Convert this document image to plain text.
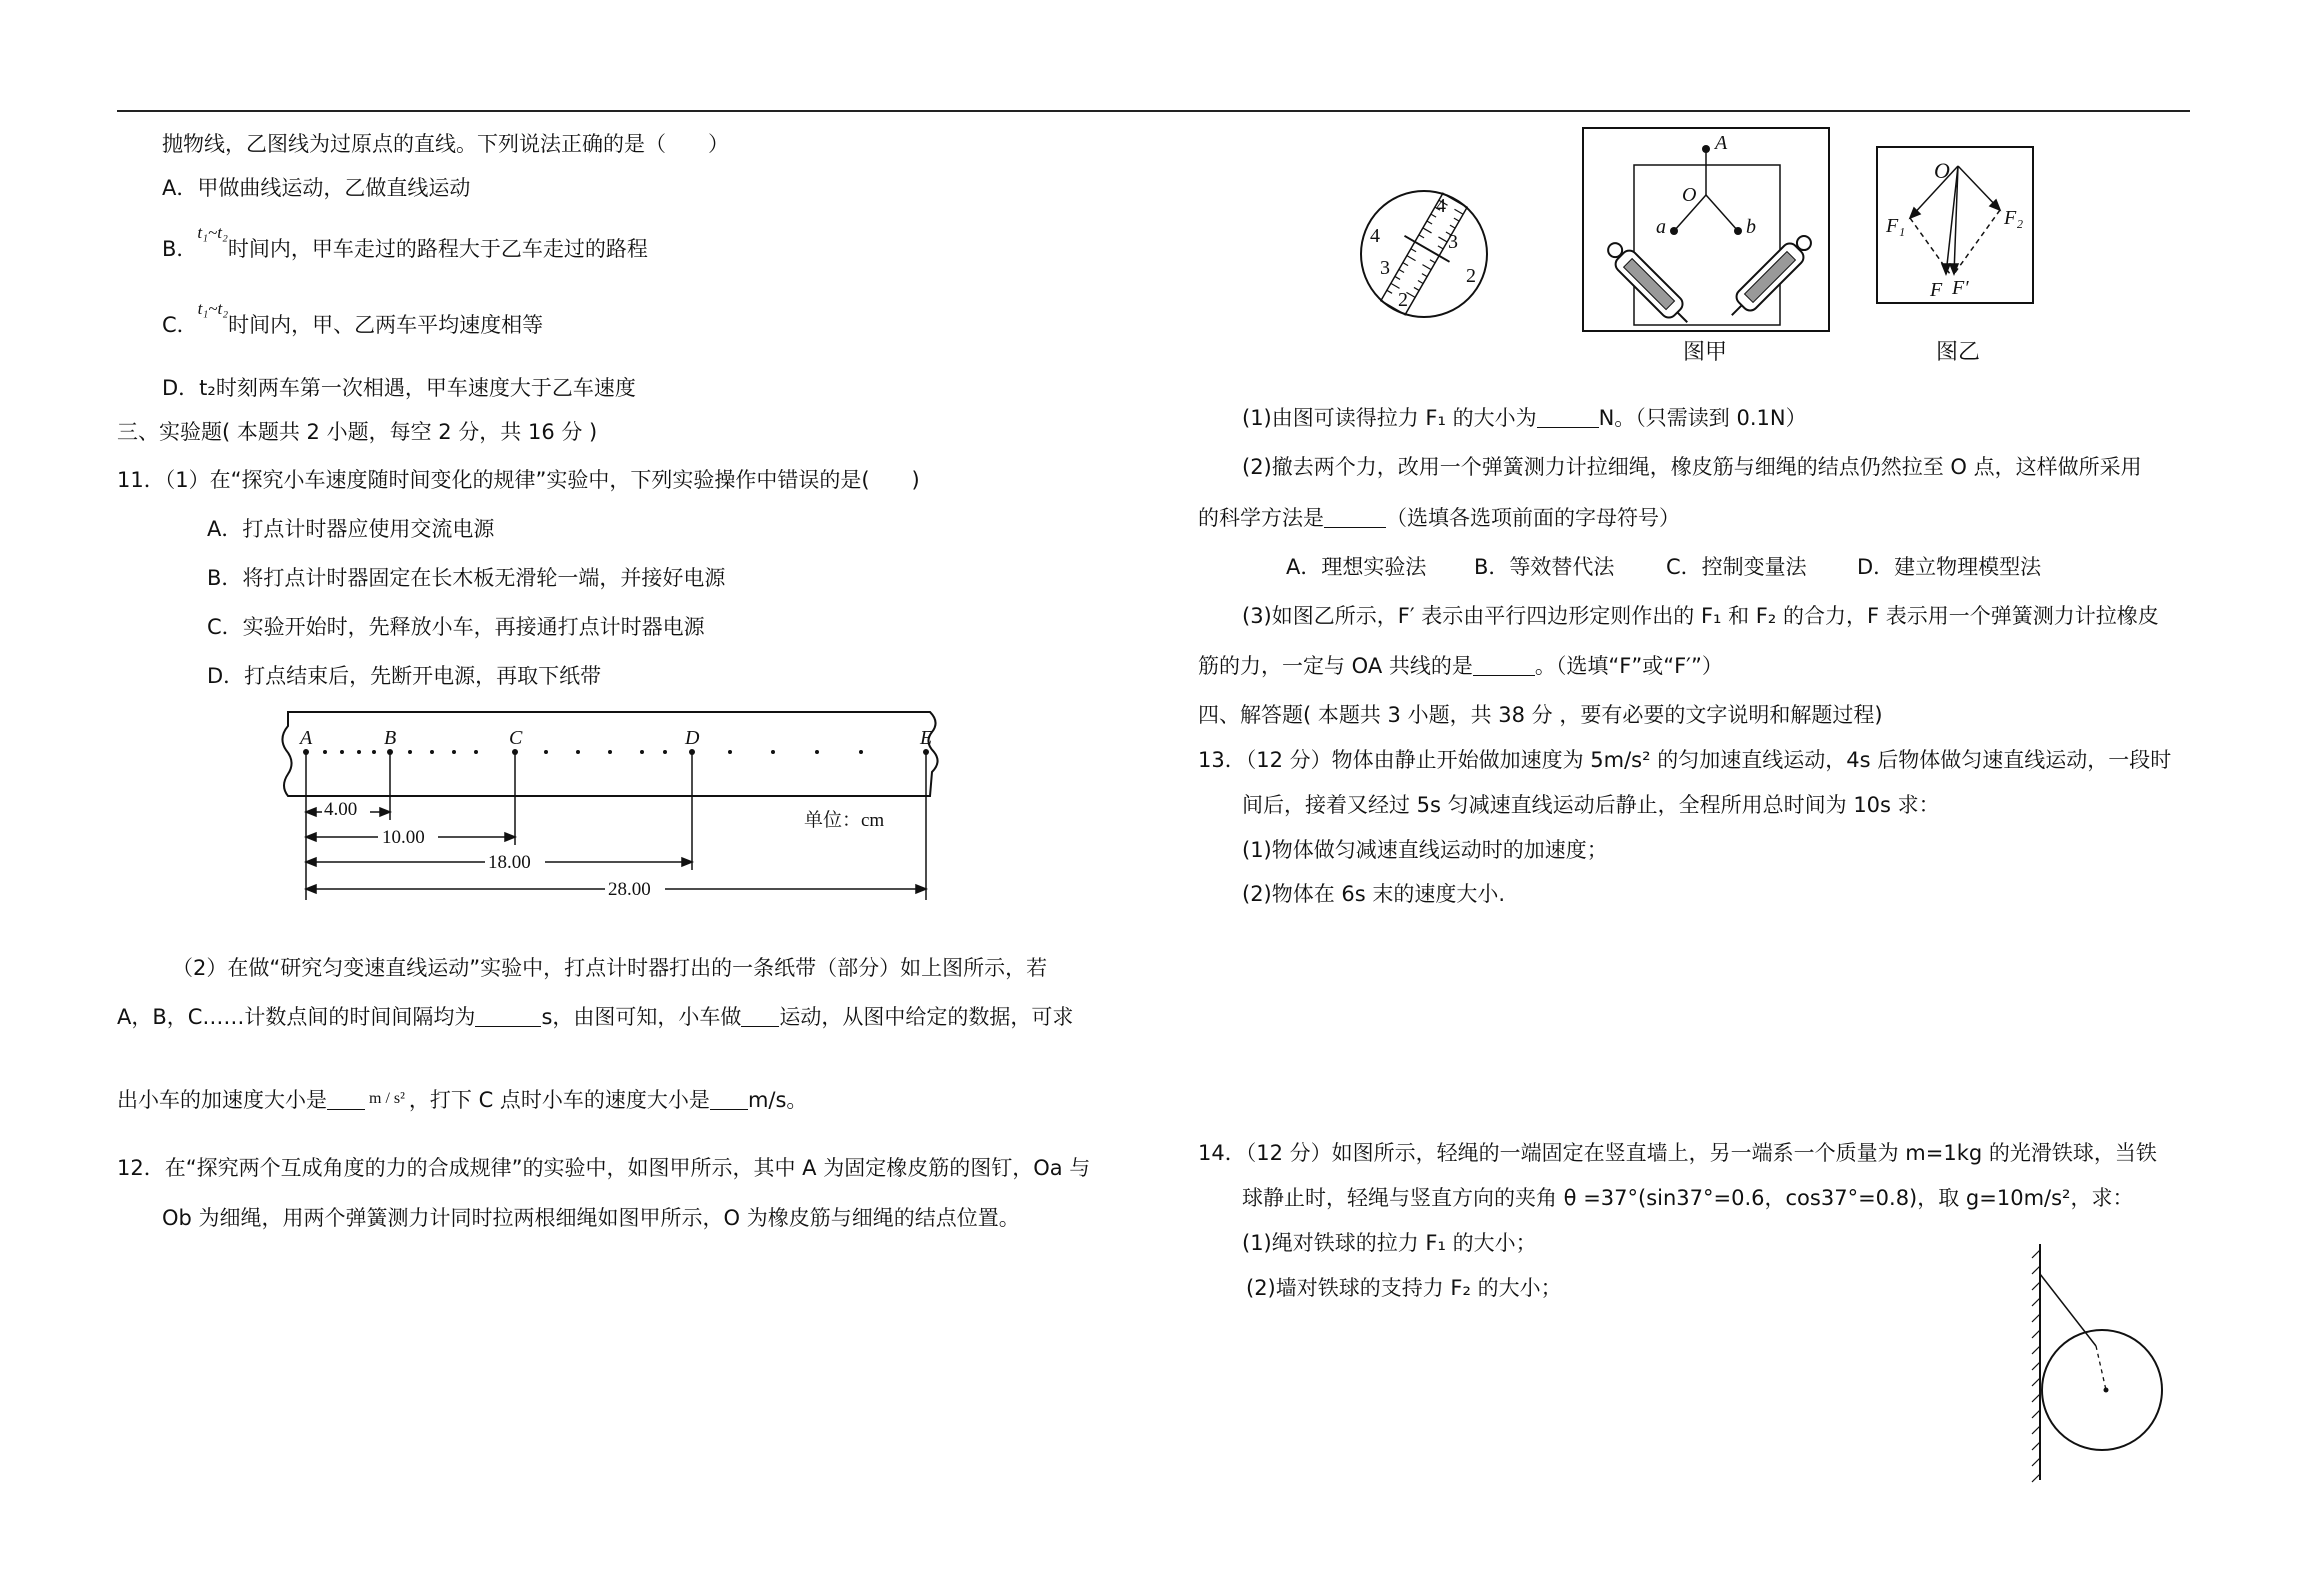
抛物线，乙图线为过原点的直线。下列说法正确的是（　　）
A．甲做曲线运动，乙做直线运动
B．$^{t_1\sim t_2}$时间内，甲车走过的路程大于乙车走过的路程
C．$^{t_1\sim t_2}$时间内，甲、乙两车平均速度相等
D．t₂时刻两车第一次相遇，甲车速度大于乙车速度
三、实验题( 本题共 2 小题，每空 2 分，共 16 分 )
11．（1）在“探究小车速度随时间变化的规律”实验中，下列实验操作中错误的是(　　)
A．打点计时器应使用交流电源
B．将打点计时器固定在长木板无滑轮一端，并接好电源
C．实验开始时，先释放小车，再接通打点计时器电源
D．打点结束后，先断开电源，再取下纸带
A	B	C	D	E
4.00
10.00
18.00
28.00
单位：cm
（2）在做“研究匀变速直线运动”实验中，打点计时器打出的一条纸带（部分）如上图所示，若
A，B，C……计数点间的时间间隔均为	s，由图可知，小车做 运动，从图中给定的数据，可求
出小车的加速度大小是	m / s² ，打下 C 点时小车的速度大小是 m/s。
12．在“探究两个互成角度的力的合成规律”的实验中，如图甲所示，其中 A 为固定橡皮筋的图钉，Oa 与
Ob 为细绳，用两个弹簧测力计同时拉两根细绳如图甲所示，O 为橡皮筋与细绳的结点位置。
4
4	3
3	2
2
A
O
a	b
图甲
O
F₁	F₂
F F′
图乙
(1)由图可读得拉力 F₁ 的大小为	N。（只需读到 0.1N）
(2)撤去两个力，改用一个弹簧测力计拉细绳，橡皮筋与细绳的结点仍然拉至 O 点，这样做所采用
的科学方法是	（选填各选项前面的字母符号）
A．理想实验法 B．等效替代法 C．控制变量法 D．建立物理模型法
(3)如图乙所示，F′ 表示由平行四边形定则作出的 F₁ 和 F₂ 的合力，F 表示用一个弹簧测力计拉橡皮
筋的力，一定与 OA 共线的是	。（选填“F”或“F′”）
四、解答题( 本题共 3 小题，共 38 分 ，要有必要的文字说明和解题过程)
13．（12 分）物体由静止开始做加速度为 5m/s² 的匀加速直线运动，4s 后物体做匀速直线运动，一段时
间后，接着又经过 5s 匀减速直线运动后静止，全程所用总时间为 10s 求：
(1)物体做匀减速直线运动时的加速度；
(2)物体在 6s 末的速度大小.
14．（12 分）如图所示，轻绳的一端固定在竖直墙上，另一端系一个质量为 m=1kg 的光滑铁球，当铁
球静止时，轻绳与竖直方向的夹角 θ =37°(sin37°=0.6，cos37°=0.8)，取 g=10m/s²，求：
(1)绳对铁球的拉力 F₁ 的大小；
(2)墙对铁球的支持力 F₂ 的大小；
